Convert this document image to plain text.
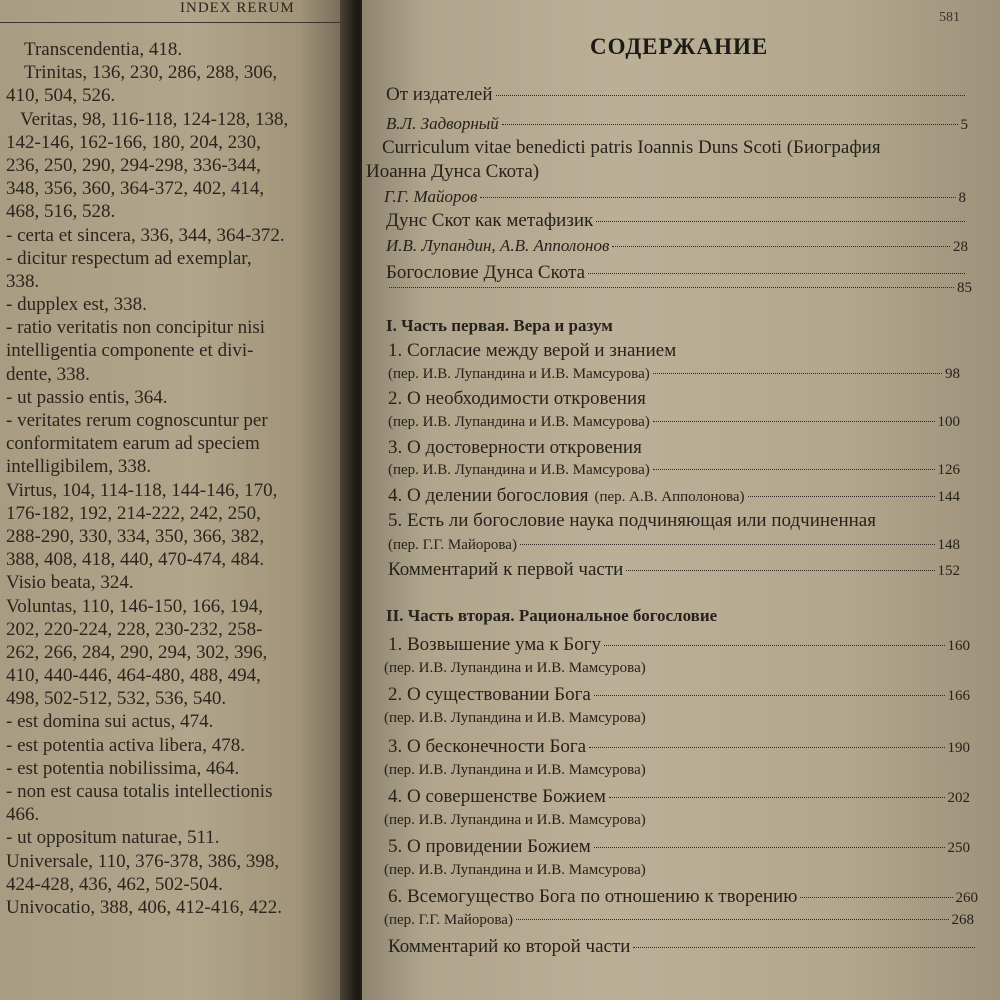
INDEX RERUM
Transcendentia, 418.
Trinitas, 136, 230, 286, 288, 306,
410, 504, 526.
Veritas, 98, 116-118, 124-128, 138,
142-146, 162-166, 180, 204, 230,
236, 250, 290, 294-298, 336-344,
348, 356, 360, 364-372, 402, 414,
468, 516, 528.
- certa et sincera, 336, 344, 364-372.
- dicitur respectum ad exemplar,
338.
- dupplex est, 338.
- ratio veritatis non concipitur nisi
intelligentia componente et divi-
dente, 338.
- ut passio entis, 364.
- veritates rerum cognoscuntur per
conformitatem earum ad speciem
intelligibilem, 338.
Virtus, 104, 114-118, 144-146, 170,
176-182, 192, 214-222, 242, 250,
288-290, 330, 334, 350, 366, 382,
388, 408, 418, 440, 470-474, 484.
Visio beata, 324.
Voluntas, 110, 146-150, 166, 194,
202, 220-224, 228, 230-232, 258-
262, 266, 284, 290, 294, 302, 396,
410, 440-446, 464-480, 488, 494,
498, 502-512, 532, 536, 540.
- est domina sui actus, 474.
- est potentia activa libera, 478.
- est potentia nobilissima, 464.
- non est causa totalis intellectionis
466.
- ut oppositum naturae, 511.
Universale, 110, 376-378, 386, 398,
424-428, 436, 462, 502-504.
Univocatio, 388, 406, 412-416, 422.
581
СОДЕРЖАНИЕ
От издателей
В.Л. Задворный	5
Curriculum vitae benedicti patris Ioannis Duns Scoti (Биография
Иоанна Дунса Скота)
Г.Г. Майоров	8
Дунс Скот как метафизик
И.В. Лупандин, А.В. Апполонов	28
Богословие Дунса Скота
85
I. Часть первая. Вера и разум
1. Согласие между верой и знанием
(пер. И.В. Лупандина и И.В. Мамсурова)	98
2. О необходимости откровения
(пер. И.В. Лупандина и И.В. Мамсурова)	100
3. О достоверности откровения
(пер. И.В. Лупандина и И.В. Мамсурова)	126
4. О делении богословия (пер. А.В. Апполонова)	144
5. Есть ли богословие наука подчиняющая или подчиненная
(пер. Г.Г. Майорова)	148
Комментарий к первой части	152
II. Часть вторая. Рациональное богословие
1. Возвышение ума к Богу	160
(пер. И.В. Лупандина и И.В. Мамсурова)
2. О существовании Бога	166
(пер. И.В. Лупандина и И.В. Мамсурова)
3. О бесконечности Бога	190
(пер. И.В. Лупандина и И.В. Мамсурова)
4. О совершенстве Божием	202
(пер. И.В. Лупандина и И.В. Мамсурова)
5. О провидении Божием	250
(пер. И.В. Лупандина и И.В. Мамсурова)
6. Всемогущество Бога по отношению к творению	260
(пер. Г.Г. Майорова)	268
Комментарий ко второй части
